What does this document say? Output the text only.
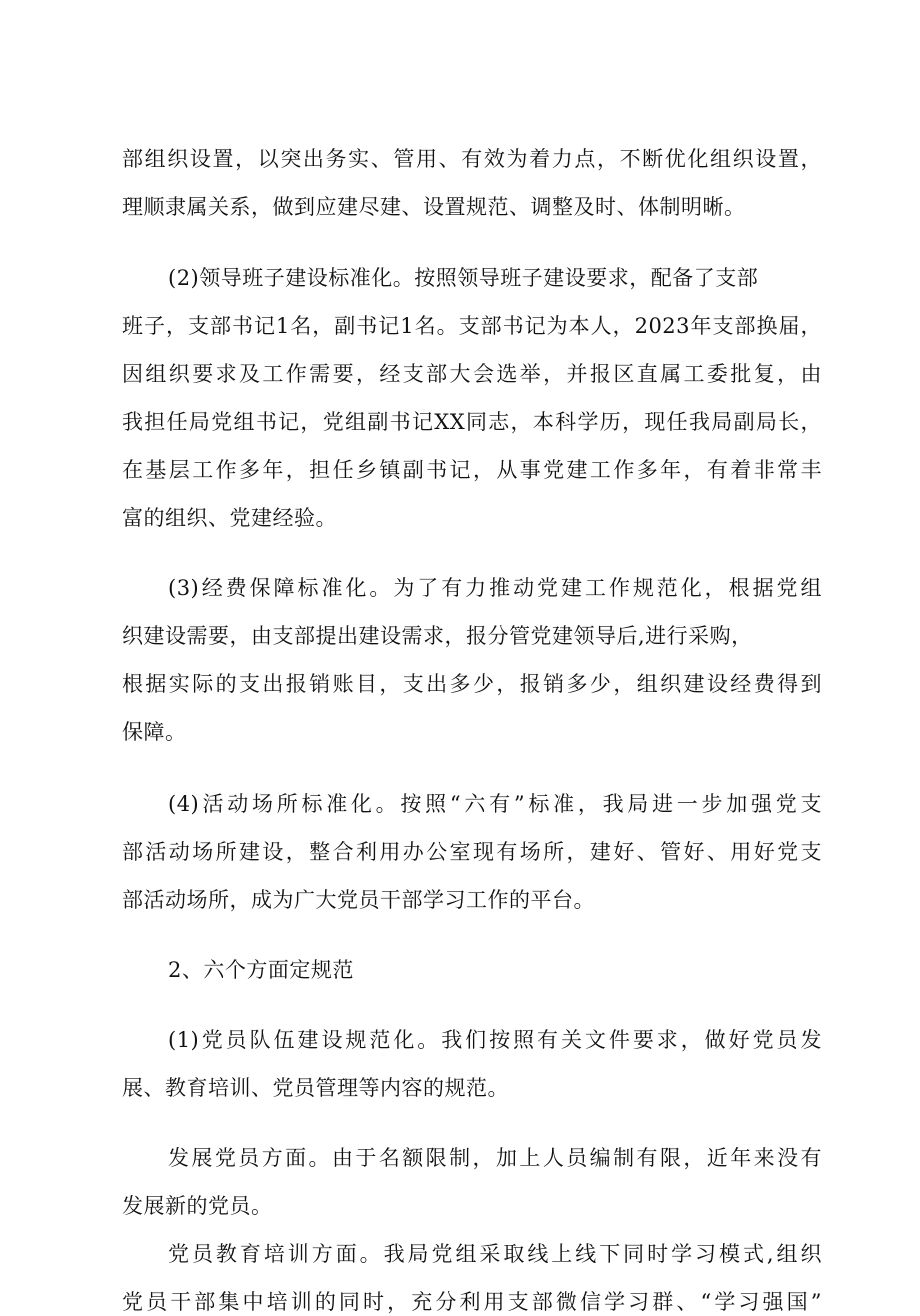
部组织设置，以突出务实、管用、有效为着力点，不断优化组织设置，
理顺隶属关系，做到应建尽建、设置规范、调整及时、体制明晰。
(2)领导班子建设标准化。按照领导班子建设要求，配备了支部
班子，支部书记1名，副书记1名。支部书记为本人，2023年支部换届，
因组织要求及工作需要，经支部大会选举，并报区直属工委批复，由
我担任局党组书记，党组副书记XX同志，本科学历，现任我局副局长，
在基层工作多年，担任乡镇副书记，从事党建工作多年，有着非常丰
富的组织、党建经验。
(3)经费保障标准化。为了有力推动党建工作规范化，根据党组
织建设需要，由支部提出建设需求，报分管党建领导后,进行采购，
根据实际的支出报销账目，支出多少，报销多少，组织建设经费得到
保障。
(4)活动场所标准化。按照“六有”标准，我局进一步加强党支
部活动场所建设，整合利用办公室现有场所，建好、管好、用好党支
部活动场所，成为广大党员干部学习工作的平台。
2、六个方面定规范
(1)党员队伍建设规范化。我们按照有关文件要求，做好党员发
展、教育培训、党员管理等内容的规范。
发展党员方面。由于名额限制，加上人员编制有限，近年来没有
发展新的党员。
党员教育培训方面。我局党组采取线上线下同时学习模式,组织
党员干部集中培训的同时，充分利用支部微信学习群、“学习强国”
